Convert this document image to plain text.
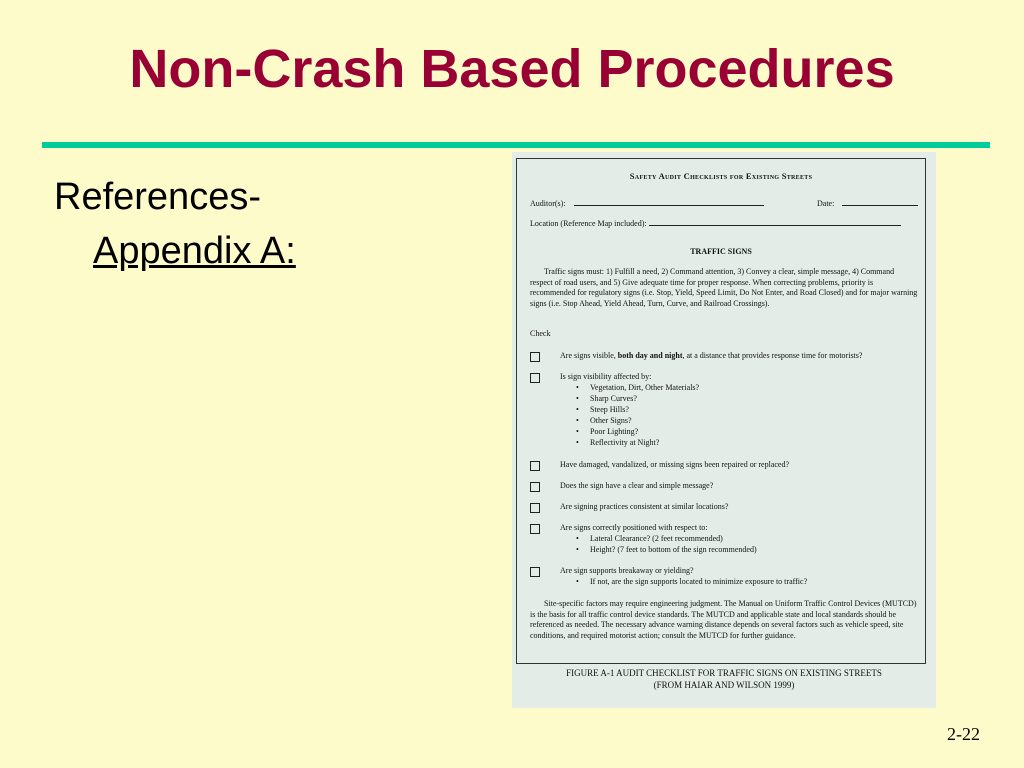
Non-Crash Based Procedures
References-
Appendix A:
Safety Audit Checklists for Existing Streets
Auditor(s):	Date:
Location (Reference Map included):
TRAFFIC SIGNS
Traffic signs must: 1) Fulfill a need, 2) Command attention, 3) Convey a clear, simple message, 4) Command respect of road users, and 5) Give adequate time for proper response. When correcting problems, priority is recommended for regulatory signs (i.e. Stop, Yield, Speed Limit, Do Not Enter, and Road Closed) and for major warning signs (i.e. Stop Ahead, Yield Ahead, Turn, Curve, and Railroad Crossings).
Check
Are signs visible, both day and night, at a distance that provides response time for motorists?
Is sign visibility affected by:
• Vegetation, Dirt, Other Materials?
• Sharp Curves?
• Steep Hills?
• Other Signs?
• Poor Lighting?
• Reflectivity at Night?
Have damaged, vandalized, or missing signs been repaired or replaced?
Does the sign have a clear and simple message?
Are signing practices consistent at similar locations?
Are signs correctly positioned with respect to:
• Lateral Clearance? (2 feet recommended)
• Height? (7 feet to bottom of the sign recommended)
Are sign supports breakaway or yielding?
• If not, are the sign supports located to minimize exposure to traffic?
Site-specific factors may require engineering judgment. The Manual on Uniform Traffic Control Devices (MUTCD) is the basis for all traffic control device standards. The MUTCD and applicable state and local standards should be referenced as needed. The necessary advance warning distance depends on several factors such as vehicle speed, site conditions, and required motorist action; consult the MUTCD for further guidance.
FIGURE A-1 AUDIT CHECKLIST FOR TRAFFIC SIGNS ON EXISTING STREETS
(FROM HAIAR AND WILSON 1999)
2-22
